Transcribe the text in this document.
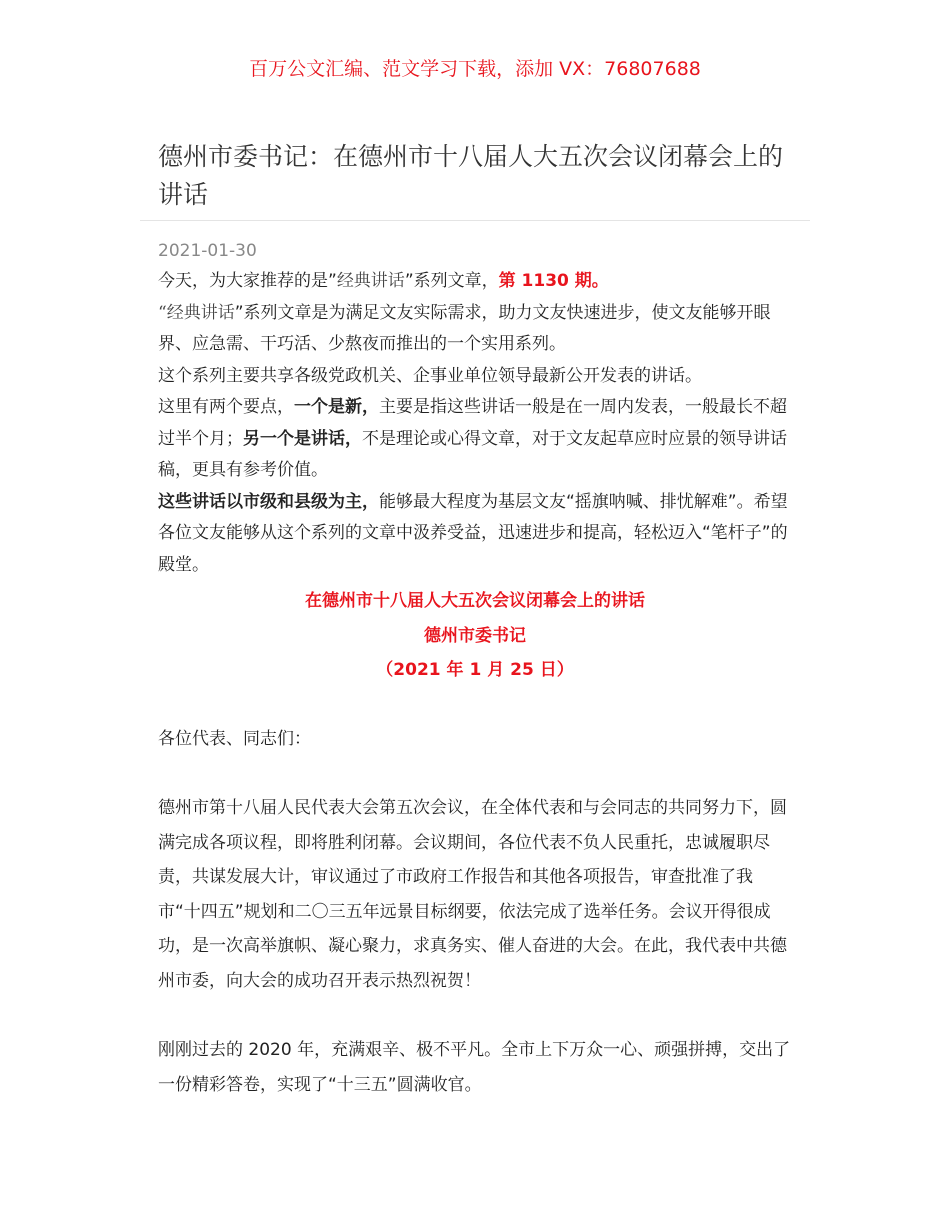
百万公文汇编、范文学习下载，添加 VX：76807688
德州市委书记：在德州市十八届人大五次会议闭幕会上的讲话
2021-01-30

今天，为大家推荐的是”经典讲话”系列文章，第 1130 期。

“经典讲话”系列文章是为满足文友实际需求，助力文友快速进步，使文友能够开眼界、应急需、干巧活、少熬夜而推出的一个实用系列。

这个系列主要共享各级党政机关、企事业单位领导最新公开发表的讲话。

这里有两个要点，一个是新，主要是指这些讲话一般是在一周内发表，一般最长不超过半个月；另一个是讲话，不是理论或心得文章，对于文友起草应时应景的领导讲话稿，更具有参考价值。

这些讲话以市级和县级为主，能够最大程度为基层文友“摇旗呐喊、排忧解难”。希望各位文友能够从这个系列的文章中汲养受益，迅速进步和提高，轻松迈入“笔杆子”的殿堂。

在德州市十八届人大五次会议闭幕会上的讲话
德州市委书记
（2021 年 1 月 25 日）
各位代表、同志们：

德州市第十八届人民代表大会第五次会议，在全体代表和与会同志的共同努力下，圆满完成各项议程，即将胜利闭幕。会议期间，各位代表不负人民重托，忠诚履职尽责，共谋发展大计，审议通过了市政府工作报告和其他各项报告，审查批准了我市“十四五”规划和二〇三五年远景目标纲要，依法完成了选举任务。会议开得很成功，是一次高举旗帜、凝心聚力，求真务实、催人奋进的大会。在此，我代表中共德州市委，向大会的成功召开表示热烈祝贺！

刚刚过去的 2020 年，充满艰辛、极不平凡。全市上下万众一心、顽强拼搏，交出了一份精彩答卷，实现了“十三五”圆满收官。
